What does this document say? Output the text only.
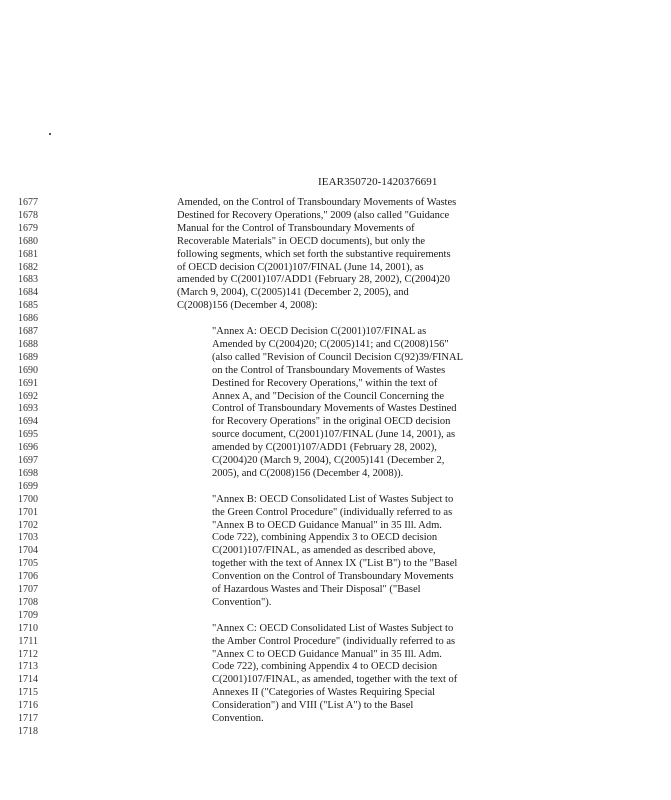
IEAR350720-1420376691
1677	Amended, on the Control of Transboundary Movements of Wastes
1678	Destined for Recovery Operations," 2009 (also called "Guidance
1679	Manual for the Control of Transboundary Movements of
1680	Recoverable Materials" in OECD documents), but only the
1681	following segments, which set forth the substantive requirements
1682	of OECD decision C(2001)107/FINAL (June 14, 2001), as
1683	amended by C(2001)107/ADD1 (February 28, 2002), C(2004)20
1684	(March 9, 2004), C(2005)141 (December 2, 2005), and
1685	C(2008)156 (December 4, 2008):
1686
1687	"Annex A: OECD Decision C(2001)107/FINAL as
1688	Amended by C(2004)20; C(2005)141; and C(2008)156"
1689	(also called "Revision of Council Decision C(92)39/FINAL
1690	on the Control of Transboundary Movements of Wastes
1691	Destined for Recovery Operations," within the text of
1692	Annex A, and "Decision of the Council Concerning the
1693	Control of Transboundary Movements of Wastes Destined
1694	for Recovery Operations" in the original OECD decision
1695	source document, C(2001)107/FINAL (June 14, 2001), as
1696	amended by C(2001)107/ADD1 (February 28, 2002),
1697	C(2004)20 (March 9, 2004), C(2005)141 (December 2,
1698	2005), and C(2008)156 (December 4, 2008)).
1699
1700	"Annex B: OECD Consolidated List of Wastes Subject to
1701	the Green Control Procedure" (individually referred to as
1702	"Annex B to OECD Guidance Manual" in 35 Ill. Adm.
1703	Code 722), combining Appendix 3 to OECD decision
1704	C(2001)107/FINAL, as amended as described above,
1705	together with the text of Annex IX ("List B") to the "Basel
1706	Convention on the Control of Transboundary Movements
1707	of Hazardous Wastes and Their Disposal" ("Basel
1708	Convention").
1709
1710	"Annex C: OECD Consolidated List of Wastes Subject to
1711	the Amber Control Procedure" (individually referred to as
1712	"Annex C to OECD Guidance Manual" in 35 Ill. Adm.
1713	Code 722), combining Appendix 4 to OECD decision
1714	C(2001)107/FINAL, as amended, together with the text of
1715	Annexes II ("Categories of Wastes Requiring Special
1716	Consideration") and VIII ("List A") to the Basel
1717	Convention.
1718
